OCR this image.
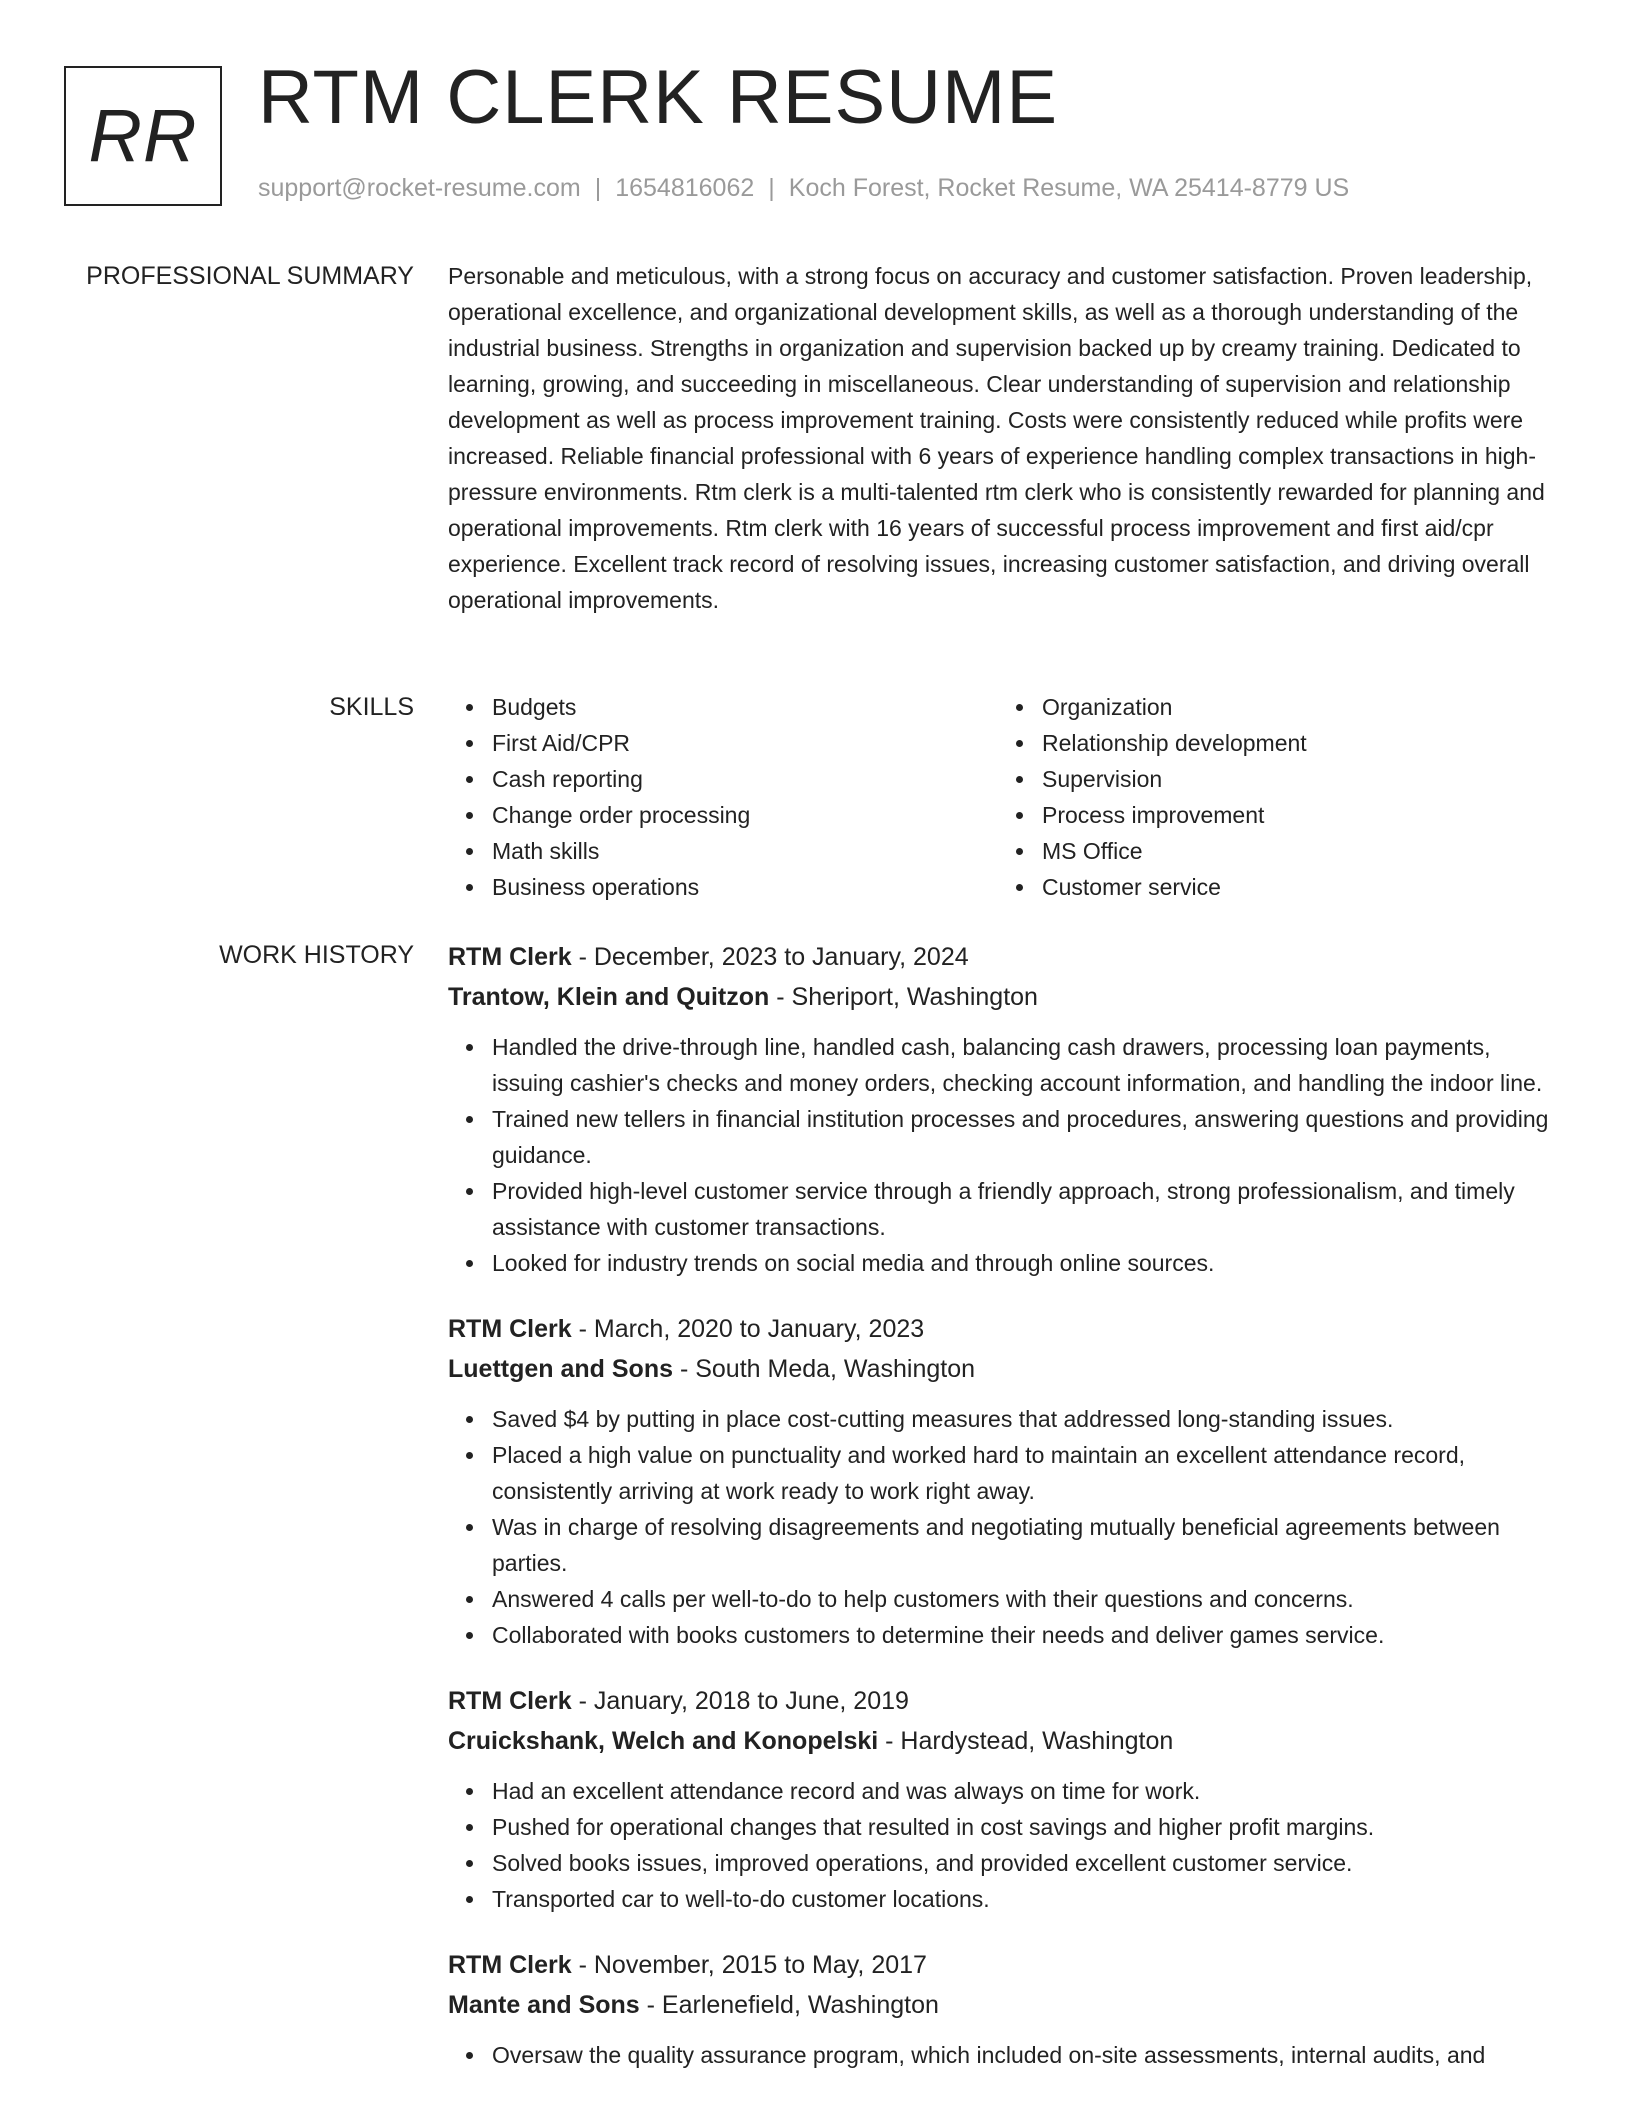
RR RTM CLERK RESUME
support@rocket-resume.com | 1654816062 | Koch Forest, Rocket Resume, WA 25414-8779 US
PROFESSIONAL SUMMARY Personable and meticulous, with a strong focus on accuracy and customer satisfaction. Proven leadership, operational excellence, and organizational development skills, as well as a thorough understanding of the industrial business. Strengths in organization and supervision backed up by creamy training. Dedicated to learning, growing, and succeeding in miscellaneous. Clear understanding of supervision and relationship development as well as process improvement training. Costs were consistently reduced while profits were increased. Reliable financial professional with 6 years of experience handling complex transactions in high-pressure environments. Rtm clerk is a multi-talented rtm clerk who is consistently rewarded for planning and operational improvements. Rtm clerk with 16 years of successful process improvement and first aid/cpr experience. Excellent track record of resolving issues, increasing customer satisfaction, and driving overall operational improvements.

SKILLS	Budgets
First Aid/CPR
Cash reporting
Change order processing
Math skills
Business operations
Organization
Relationship development
Supervision
Process improvement
MS Office
Customer service
WORK HISTORY RTM Clerk - December, 2023 to January, 2024
Trantow, Klein and Quitzon - Sheriport, Washington
Handled the drive-through line, handled cash, balancing cash drawers, processing loan payments, issuing cashier's checks and money orders, checking account information, and handling the indoor line.
Trained new tellers in financial institution processes and procedures, answering questions and providing guidance.
Provided high-level customer service through a friendly approach, strong professionalism, and timely assistance with customer transactions.
Looked for industry trends on social media and through online sources.
RTM Clerk - March, 2020 to January, 2023
Luettgen and Sons - South Meda, Washington
Saved $4 by putting in place cost-cutting measures that addressed long-standing issues.
Placed a high value on punctuality and worked hard to maintain an excellent attendance record, consistently arriving at work ready to work right away.
Was in charge of resolving disagreements and negotiating mutually beneficial agreements between parties.
Answered 4 calls per well-to-do to help customers with their questions and concerns.
Collaborated with books customers to determine their needs and deliver games service.
RTM Clerk - January, 2018 to June, 2019
Cruickshank, Welch and Konopelski - Hardystead, Washington
Had an excellent attendance record and was always on time for work.
Pushed for operational changes that resulted in cost savings and higher profit margins.
Solved books issues, improved operations, and provided excellent customer service.
Transported car to well-to-do customer locations.
RTM Clerk - November, 2015 to May, 2017
Mante and Sons - Earlenefield, Washington
Oversaw the quality assurance program, which included on-site assessments, internal audits, and
